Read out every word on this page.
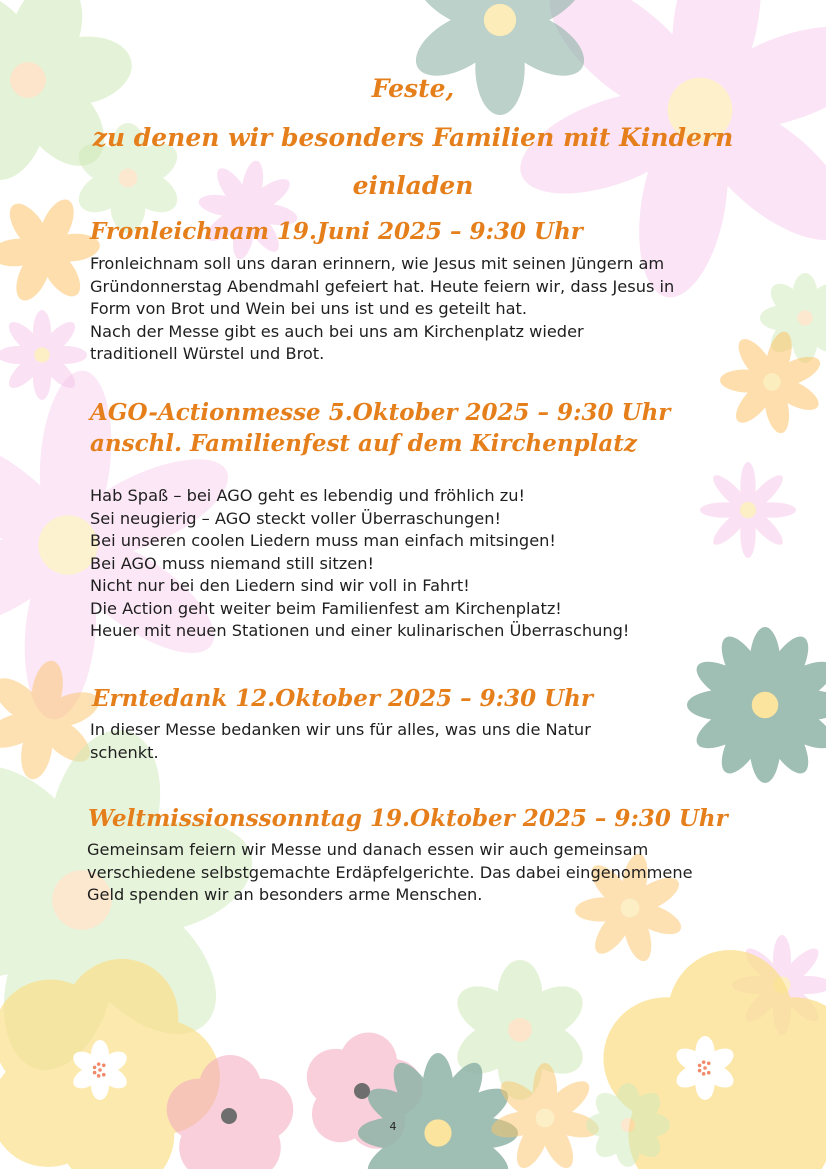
Feste,
zu denen wir besonders Familien mit Kindern
einladen
Fronleichnam 19.Juni 2025 – 9:30 Uhr
Fronleichnam soll uns daran erinnern, wie Jesus mit seinen Jüngern am
Gründonnerstag Abendmahl gefeiert hat. Heute feiern wir, dass Jesus in
Form von Brot und Wein bei uns ist und es geteilt hat.
Nach der Messe gibt es auch bei uns am Kirchenplatz wieder
traditionell Würstel und Brot.
AGO-Actionmesse 5.Oktober 2025 – 9:30 Uhr
anschl. Familienfest auf dem Kirchenplatz
Hab Spaß – bei AGO geht es lebendig und fröhlich zu!
Sei neugierig – AGO steckt voller Überraschungen!
Bei unseren coolen Liedern muss man einfach mitsingen!
Bei AGO muss niemand still sitzen!
Nicht nur bei den Liedern sind wir voll in Fahrt!
Die Action geht weiter beim Familienfest am Kirchenplatz!
Heuer mit neuen Stationen und einer kulinarischen Überraschung!
Erntedank 12.Oktober 2025 – 9:30 Uhr
In dieser Messe bedanken wir uns für alles, was uns die Natur
schenkt.
Weltmissionssonntag 19.Oktober 2025 – 9:30 Uhr
Gemeinsam feiern wir Messe und danach essen wir auch gemeinsam
verschiedene selbstgemachte Erdäpfelgerichte. Das dabei eingenommene
Geld spenden wir an besonders arme Menschen.
4
